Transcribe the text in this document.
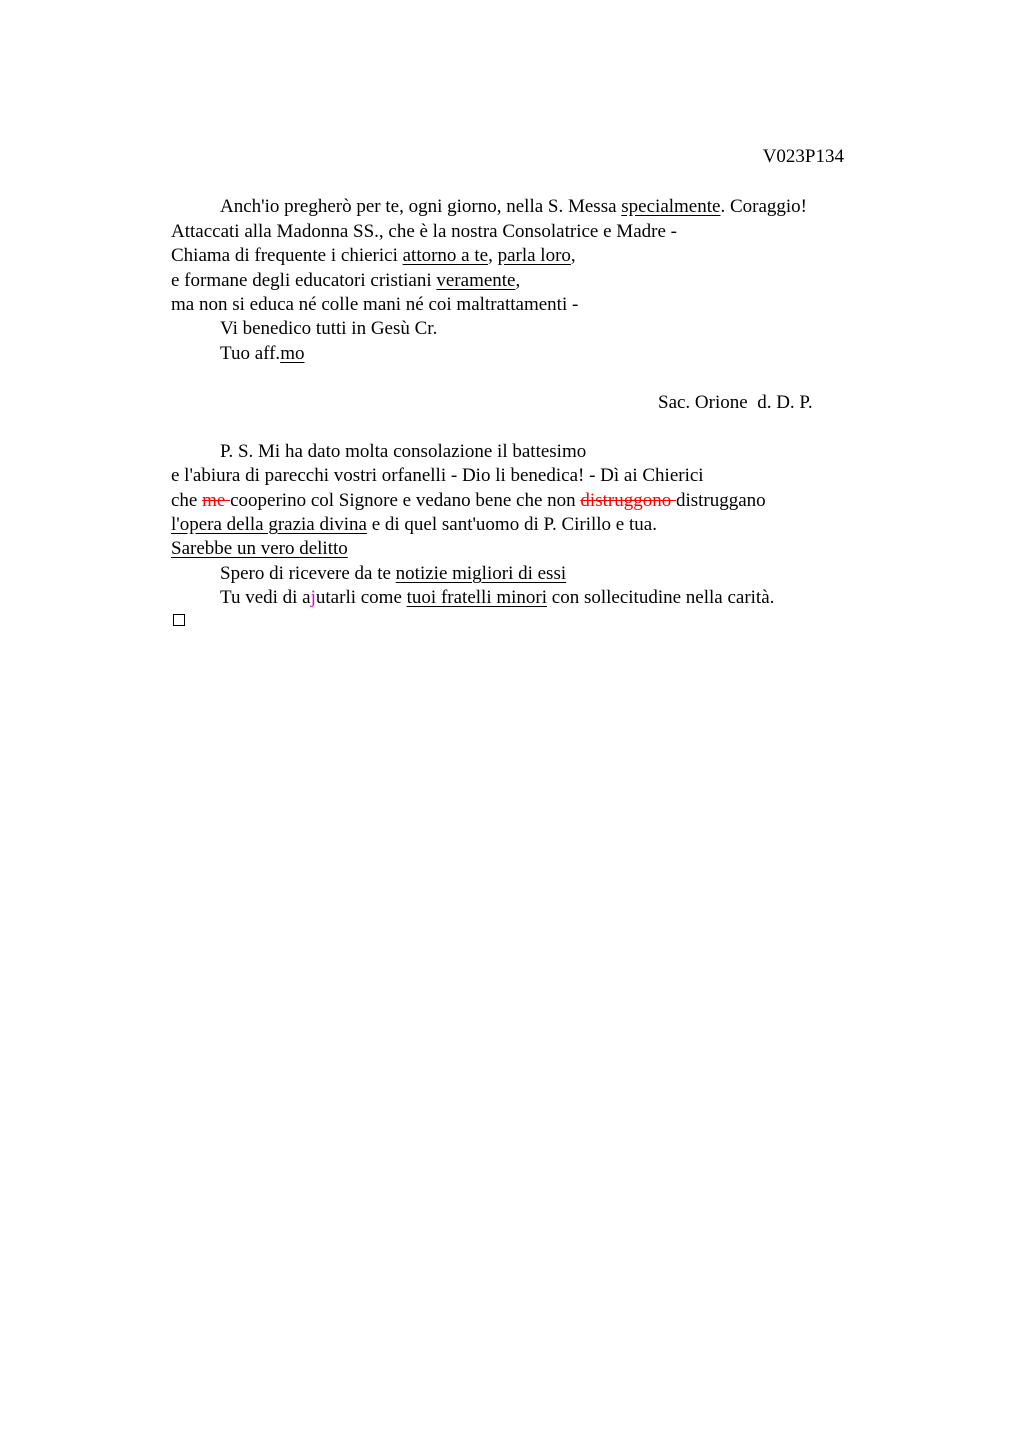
V023P134
Anch'io pregherò per te, ogni giorno, nella S. Messa specialmente. Coraggio!
Attaccati alla Madonna SS., che è la nostra Consolatrice e Madre -
Chiama di frequente i chierici attorno a te, parla loro,
e formane degli educatori cristiani veramente,
ma non si educa né colle mani né coi maltrattamenti -
Vi benedico tutti in Gesù Cr.
Tuo aff.mo
Sac. Orione  d. D. P.
P. S. Mi ha dato molta consolazione il battesimo
e l'abiura di parecchi vostri orfanelli - Dio li benedica! - Dì ai Chierici
che me cooperino col Signore e vedano bene che non distruggono distruggano
l'opera della grazia divina e di quel sant'uomo di P. Cirillo e tua.
Sarebbe un vero delitto
Spero di ricevere da te notizie migliori di essi
Tu vedi di ajutarli come tuoi fratelli minori con sollecitudine nella carità.
